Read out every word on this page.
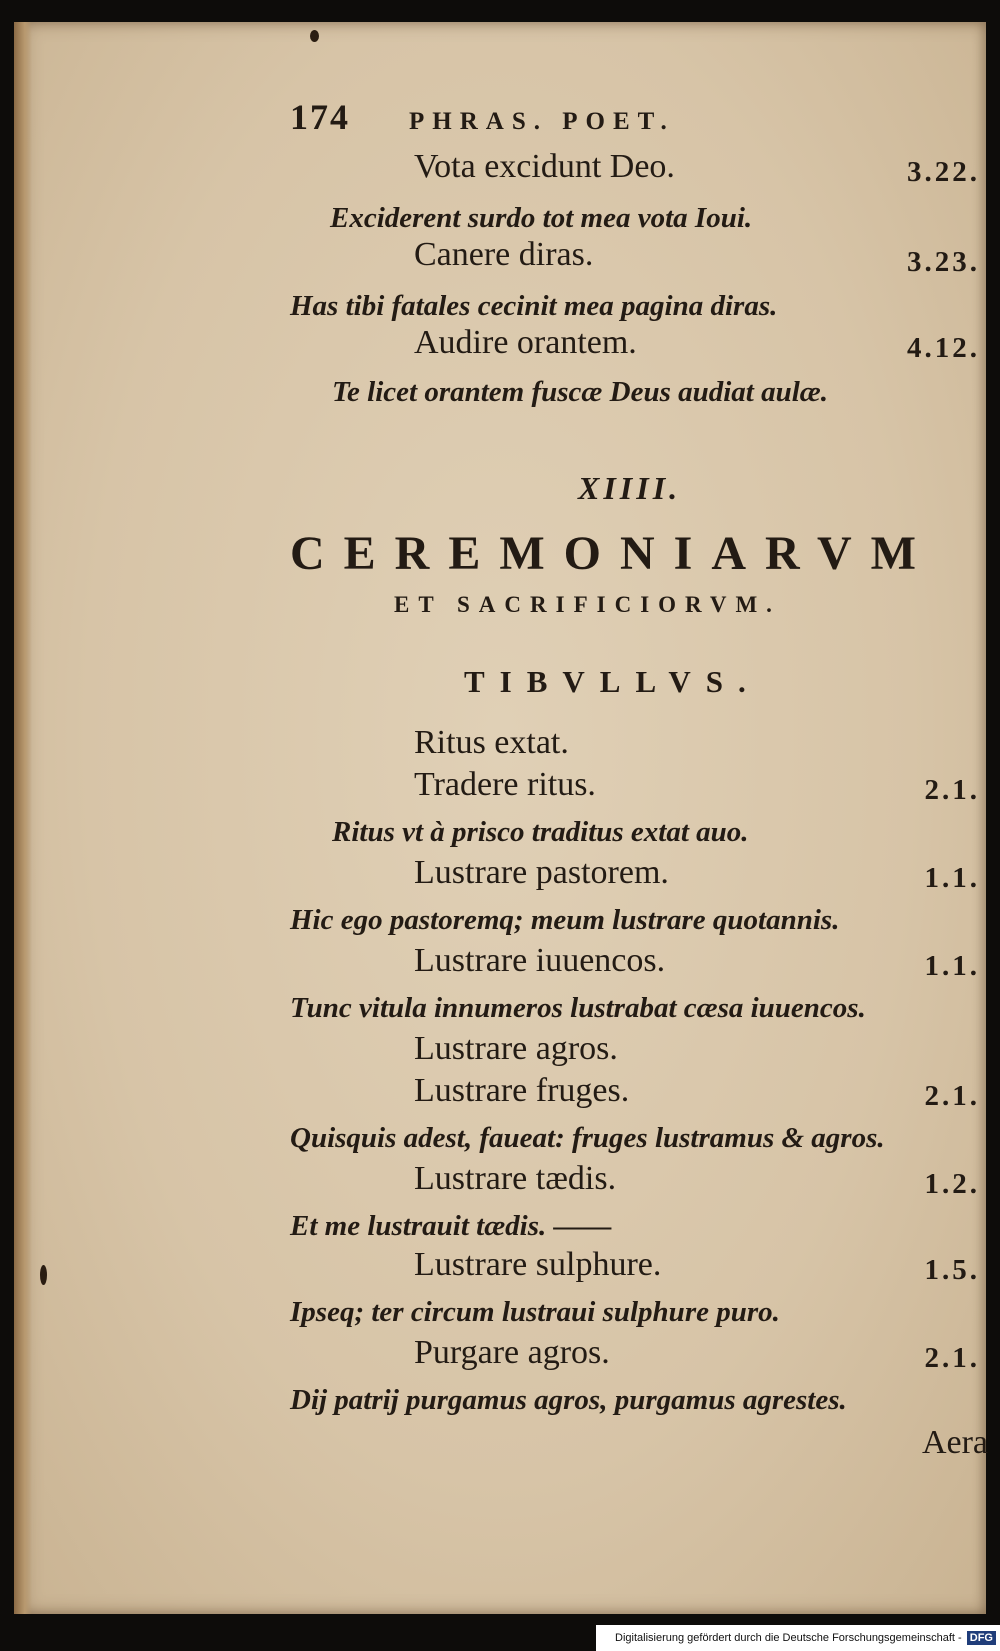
174 PHRAS. POET.
Vota excidunt Deo.	3.22.
Exciderent surdo tot mea vota Ioui.
Canere diras.	3.23.
Has tibi fatales cecinit mea pagina diras.
Audire orantem.	4.12.
Te licet orantem fuscæ Deus audiat aulæ.
XIIII.
CEREMONIARVM
ET SACRIFICIORVM.
TIBVLLVS.
Ritus extat.
Tradere ritus.	2.1.
Ritus vt à prisco traditus extat auo.
Lustrare pastorem.	1.1.
Hic ego pastoremq; meum lustrare quotannis.
Lustrare iuuencos.	1.1.
Tunc vitula innumeros lustrabat cæsa iuuencos.
Lustrare agros.
Lustrare fruges.	2.1.
Quisquis adest, faueat: fruges lustramus & agros.
Lustrare tædis.	1.2.
Et me lustrauit tædis. ——
Lustrare sulphure.	1.5.
Ipseq; ter circum lustraui sulphure puro.
Purgare agros.	2.1.
Dij patrij purgamus agros, purgamus agrestes.
Aera
Digitalisierung gefördert durch die Deutsche Forschungsgemeinschaft - DFG
